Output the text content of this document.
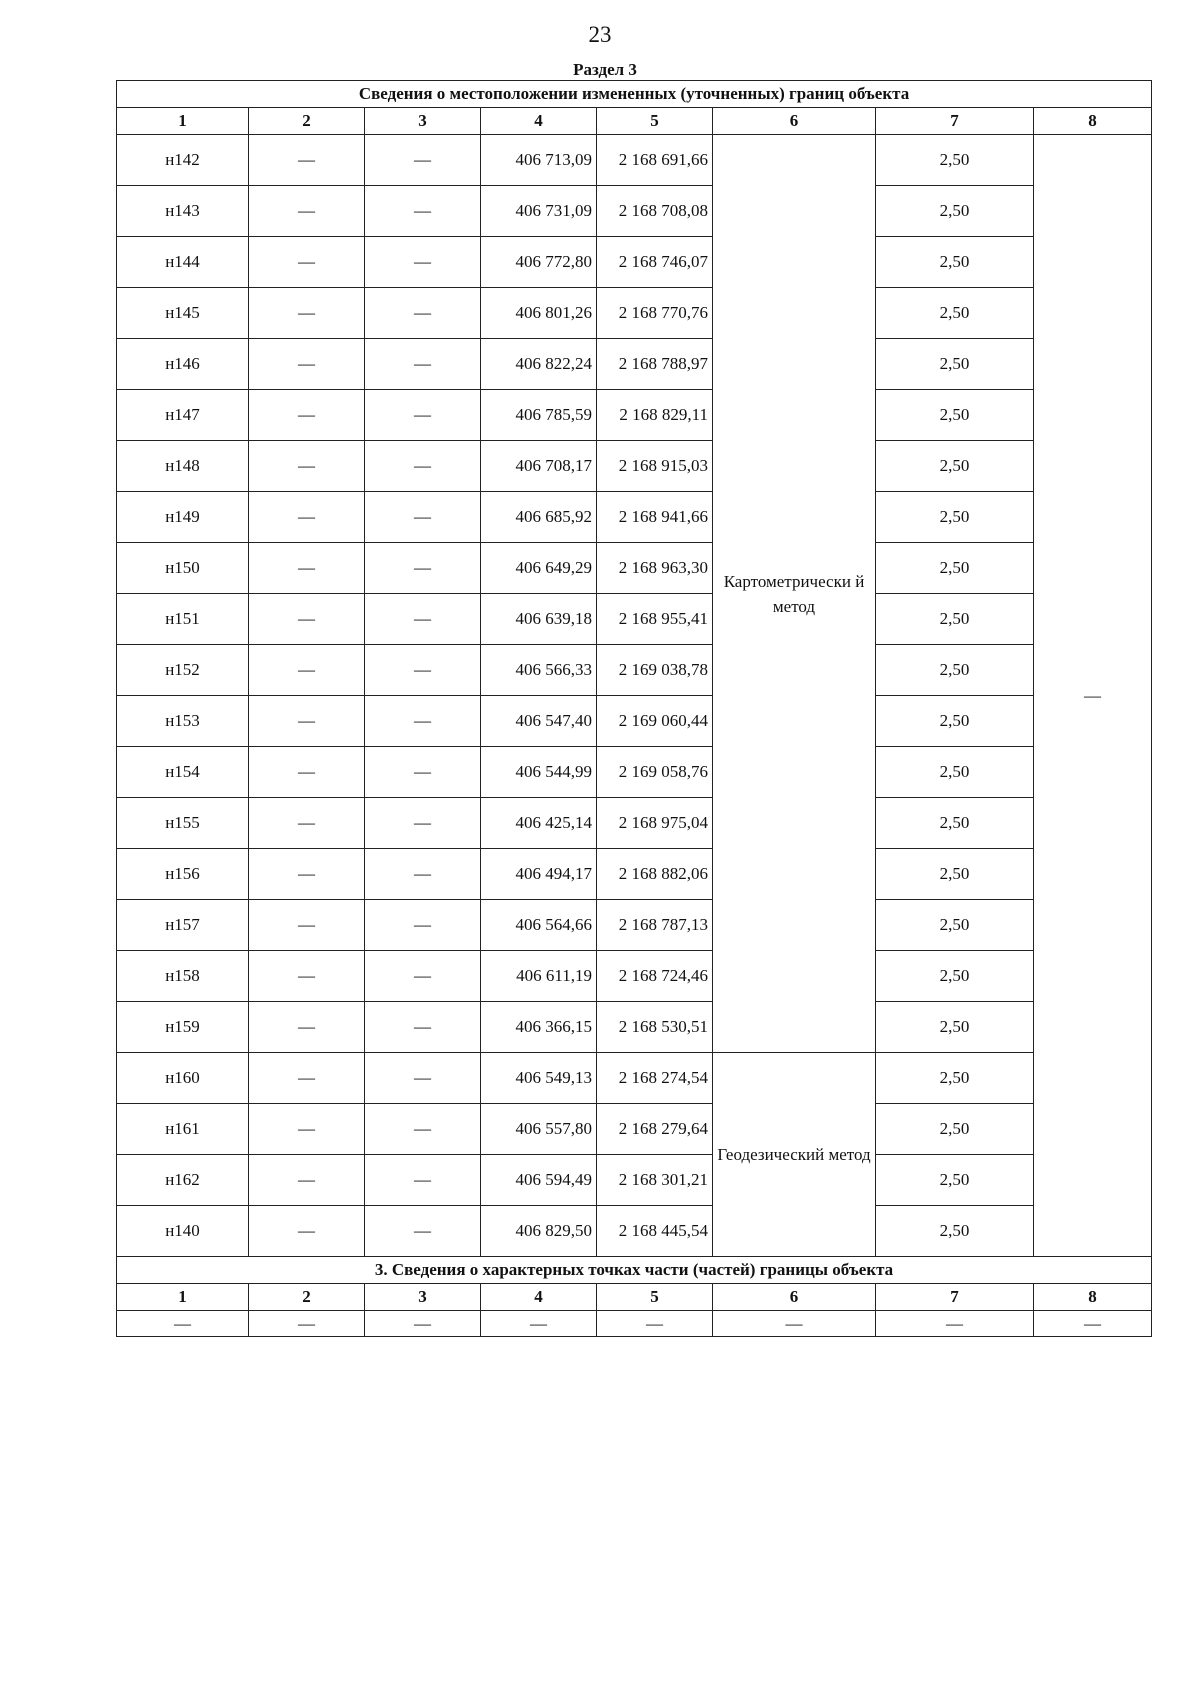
23
Раздел 3
Сведения о местоположении измененных (уточненных) границ объекта							
1	2	3	4	5	6	7	8
н142	—	—	406 713,09	2 168 691,66	Картометрически й метод	2,50	—
н143	—	—	406 731,09	2 168 708,08		2,50	
н144	—	—	406 772,80	2 168 746,07		2,50	
н145	—	—	406 801,26	2 168 770,76		2,50	
н146	—	—	406 822,24	2 168 788,97		2,50	
н147	—	—	406 785,59	2 168 829,11		2,50	
н148	—	—	406 708,17	2 168 915,03		2,50	
н149	—	—	406 685,92	2 168 941,66		2,50	
н150	—	—	406 649,29	2 168 963,30		2,50	
н151	—	—	406 639,18	2 168 955,41		2,50	
н152	—	—	406 566,33	2 169 038,78		2,50	
н153	—	—	406 547,40	2 169 060,44		2,50	
н154	—	—	406 544,99	2 169 058,76		2,50	
н155	—	—	406 425,14	2 168 975,04		2,50	
н156	—	—	406 494,17	2 168 882,06		2,50	
н157	—	—	406 564,66	2 168 787,13		2,50	
н158	—	—	406 611,19	2 168 724,46		2,50	
н159	—	—	406 366,15	2 168 530,51		2,50	
н160	—	—	406 549,13	2 168 274,54	Геодезический метод	2,50	
н161	—	—	406 557,80	2 168 279,64		2,50	
н162	—	—	406 594,49	2 168 301,21		2,50	
н140	—	—	406 829,50	2 168 445,54		2,50	
3. Сведения о характерных точках части (частей) границы объекта							
1	2	3	4	5	6	7	8
—	—	—	—	—	—	—	—
